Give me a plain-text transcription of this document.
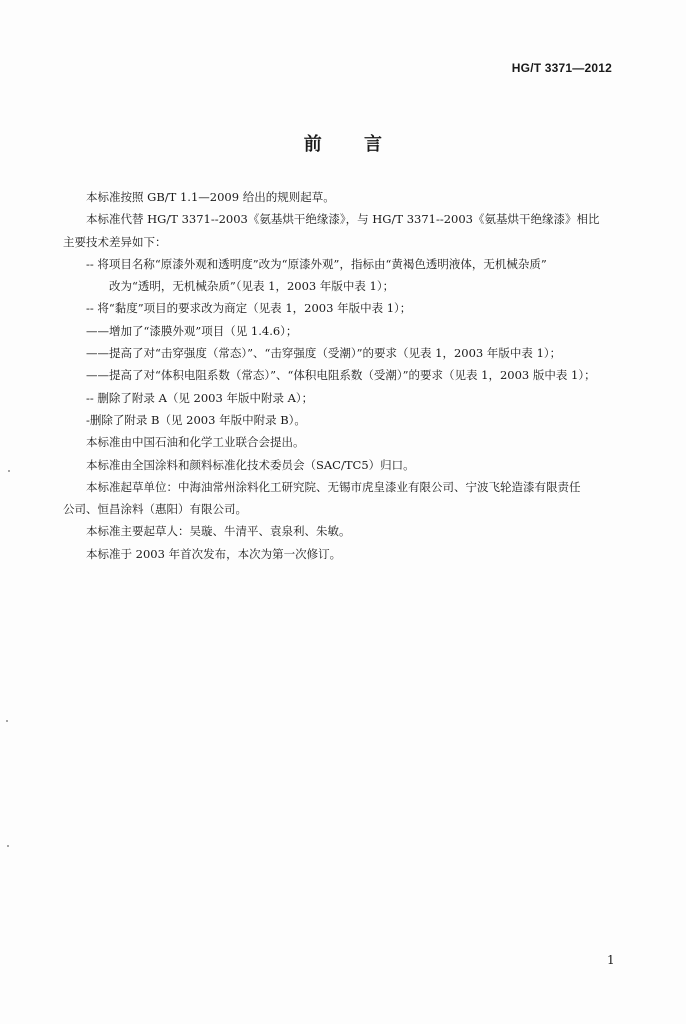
HG/T 3371—2012
前 言

本标准按照 GB/T 1.1—2009 给出的规则起草。

本标准代替 HG/T 3371--2003《氨基烘干绝缘漆》，与 HG/T 3371--2003《氨基烘干绝缘漆》相比

主要技术差异如下：

-- 将项目名称“原漆外观和透明度”改为“原漆外观”，指标由“黄褐色透明液体，无机械杂质”

改为“透明，无机械杂质”（见表 1，2003 年版中表 1）；

-- 将“黏度”项目的要求改为商定（见表 1，2003 年版中表 1）；

——增加了“漆膜外观”项目（见 1.4.6）；

——提高了对“击穿强度（常态）”、“击穿强度（受潮）”的要求（见表 1，2003 年版中表 1）；

——提高了对“体积电阻系数（常态）”、“体积电阻系数（受潮）”的要求（见表 1，2003 版中表 1）；

-- 删除了附录 A（见 2003 年版中附录 A）；

-删除了附录 B（见 2003 年版中附录 B）。

本标准由中国石油和化学工业联合会提出。

本标准由全国涂料和颜料标准化技术委员会（SAC/TC5）归口。

本标准起草单位：中海油常州涂料化工研究院、无锡市虎皇漆业有限公司、宁波飞轮造漆有限责任

公司、恒昌涂料（惠阳）有限公司。

本标准主要起草人：吴璇、牛清平、袁泉利、朱敏。

本标准于 2003 年首次发布，本次为第一次修订。

1
